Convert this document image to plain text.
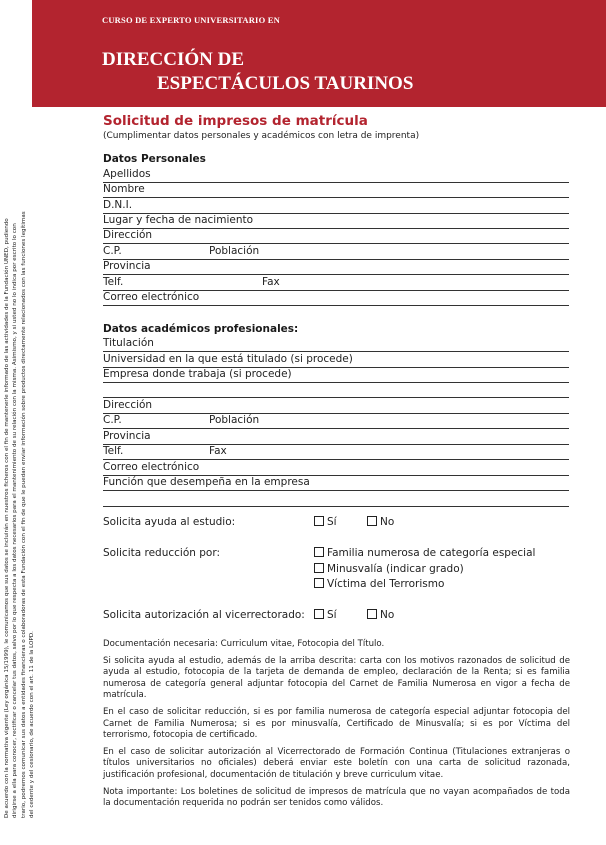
CURSO DE EXPERTO UNIVERSITARIO EN
DIRECCIÓN DE
ESPECTÁCULOS TAURINOS
De acuerdo con la normativa vigente (Ley orgánica 15/1999), le comunicamos que sus datos se incluirán en nuestros ficheros con el fin de mantenerle informado de las actividades de la Fundación UNED, pudiendo dirigirse a ella para conocer, rectificar o cancelar tus datos, salvo por lo que respecta a los datos necesarios para el mantenimiento de su relación con la misma. Asimismo, y si usted no lo indica por escrito lo con trario, podremos comunicar sus datos a entidades financieras o colaboradoras de esta Fundación con el fin de que le puedan enviar información sobre productos directamente relacionados con las funciones legítimas del cedente y del cesionario, de acuerdo con el art. 11 de la LOPD.
Solicitud de impresos de matrícula
(Cumplimentar datos personales y académicos con letra de imprenta)
Datos Personales
Apellidos
Nombre
D.N.I.
Lugar y fecha de nacimiento
Dirección
C.P.	Población
Provincia
Telf.	Fax
Correo electrónico
Datos académicos profesionales:
Titulación
Universidad en la que está titulado (si procede)
Empresa donde trabaja (si procede)
Dirección
C.P.	Población
Provincia
Telf.	Fax
Correo electrónico
Función que desempeña en la empresa
Solicita ayuda al estudio:	Sí	No
Solicita reducción por:	Familia numerosa de categoría especial
Minusvalía (indicar grado)
Víctima del Terrorismo
Solicita autorización al vicerrectorado:	Sí	No

Documentación necesaria: Curriculum vitae, Fotocopia del Título.

Si solicita ayuda al estudio, además de la arriba descrita: carta con los motivos razonados de solicitud de ayuda al estudio, fotocopia de la tarjeta de demanda de empleo, declaración de la Renta; si es familia numerosa de categoría general adjuntar fotocopia del Carnet de Familia Numerosa en vigor a fecha de matrícula.

En el caso de solicitar reducción, si es por familia numerosa de categoría especial adjuntar fotocopia del Carnet de Familia Numerosa; si es por minusvalía, Certificado de Minusvalía; si es por Víctima del terrorismo, fotocopia de certificado.

En el caso de solicitar autorización al Vicerrectorado de Formación Continua (Titulaciones extranjeras o títulos universitarios no oficiales) deberá enviar este boletín con una carta de solicitud razonada, justificación profesional, documentación de titulación y breve curriculum vitae.

Nota importante: Los boletines de solicitud de impresos de matrícula que no vayan acompañados de toda la documentación requerida no podrán ser tenidos como válidos.
